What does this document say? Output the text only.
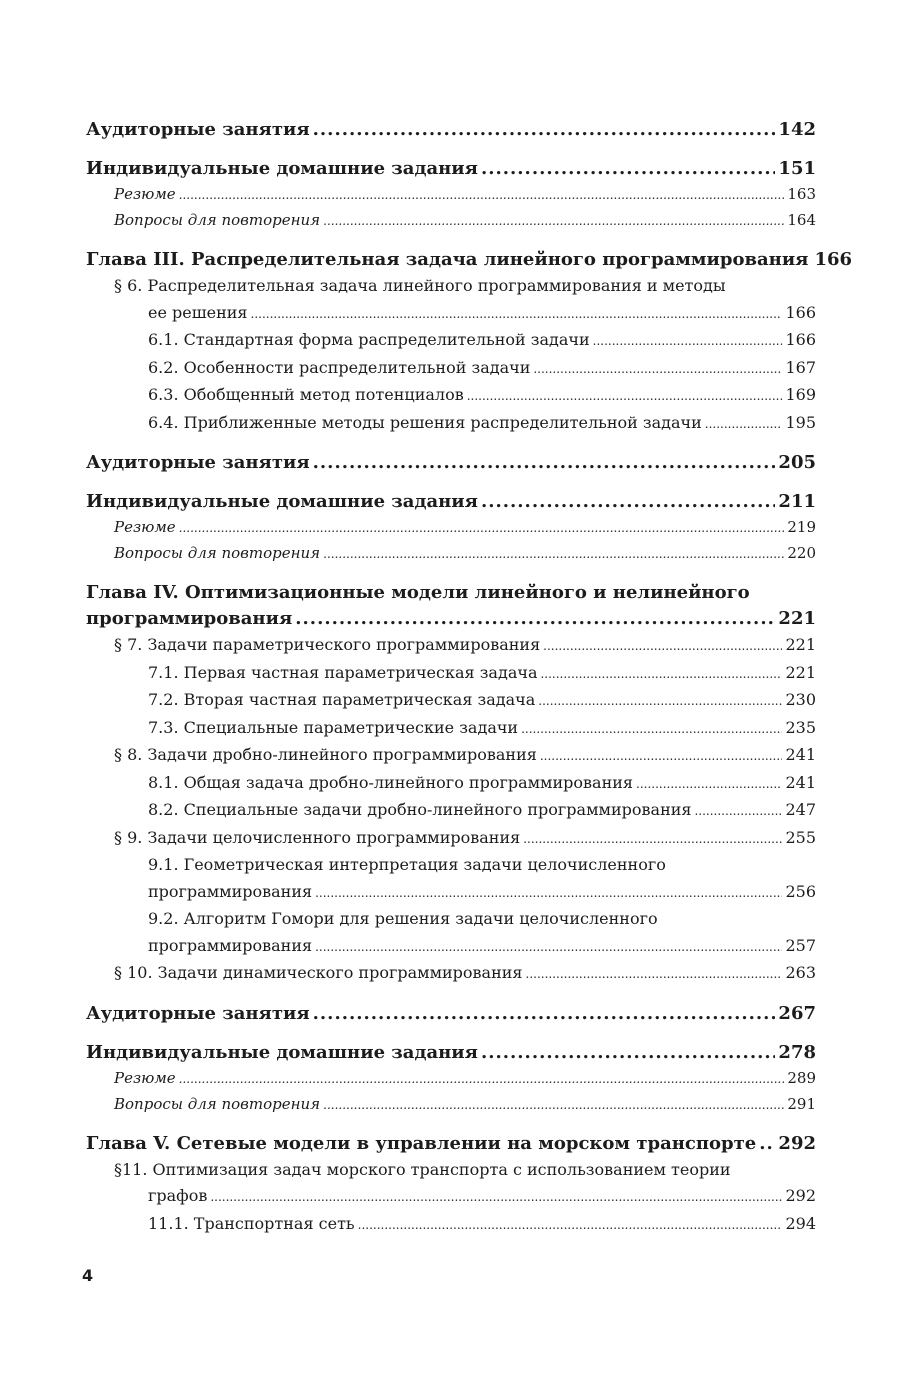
Аудиторные занятия .....	142
Индивидуальные домашние задания .....	151
Резюме .....	163
Вопросы для повторения .....	164
Глава III. Распределительная задача линейного программирования 166
§ 6. Распределительная задача линейного программирования и методы
ее решения .....	166
6.1. Стандартная форма распределительной задачи .....	166
6.2. Особенности распределительной задачи .....	167
6.3. Обобщенный метод потенциалов .....	169
6.4. Приближенные методы решения распределительной задачи .....	195
Аудиторные занятия .....	205
Индивидуальные домашние задания .....	211
Резюме .....	219
Вопросы для повторения .....	220
Глава IV. Оптимизационные модели линейного и нелинейного
программирования .....	221
§ 7. Задачи параметрического программирования .....	221
7.1. Первая частная параметрическая задача .....	221
7.2. Вторая частная параметрическая задача .....	230
7.3. Специальные параметрические задачи .....	235
§ 8. Задачи дробно-линейного программирования .....	241
8.1. Общая задача дробно-линейного программирования .....	241
8.2. Специальные задачи дробно-линейного программирования .....	247
§ 9. Задачи целочисленного программирования .....	255
9.1. Геометрическая интерпретация задачи целочисленного
программирования .....	256
9.2. Алгоритм Гомори для решения задачи целочисленного
программирования .....	257
§ 10. Задачи динамического программирования .....	263
Аудиторные занятия .....	267
Индивидуальные домашние задания .....	278
Резюме .....	289
Вопросы для повторения .....	291
Глава V. Сетевые модели в управлении на морском транспорте ..... 292
§11. Оптимизация задач морского транспорта с использованием теории
графов .....	292
11.1. Транспортная сеть .....	294
4
